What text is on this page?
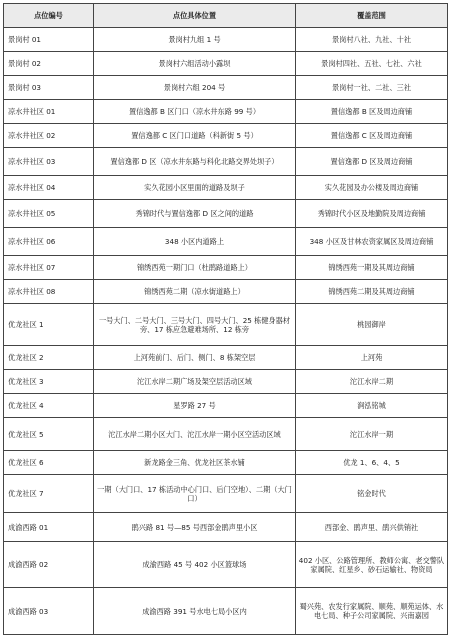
点位编号	点位具体位置	覆盖范围
景岗村 01	景岗村九组 1 号	景岗村八社、九社、十社
景岗村 02	景岗村六组活动小露坝	景岗村四社、五社、七社、六社
景岗村 03	景岗村六组 204 号	景岗村一社、二社、三社
凉水井社区 01	置信逸都 B 区门口（凉水井东路 99 号）	置信逸都 B 区及周边商铺
凉水井社区 02	置信逸都 C 区门口道路（科新街 5 号）	置信逸都 C 区及周边商铺
凉水井社区 03	置信逸都 D 区（凉水井东路与科化北路交界处坝子）	置信逸都 D 区及周边商铺
凉水井社区 04	实久花园小区里面的道路及坝子	实久花园及办公楼及周边商铺
凉水井社区 05	秀锦时代与置信逸都 D 区之间的道路	秀锦时代小区及地勤院及周边商铺
凉水井社区 06	348 小区内道路上	348 小区及甘林农资家属区及周边商铺
凉水井社区 07	锦绣西苑一期门口（杜鹃路道路上）	锦绣西苑一期及其周边商铺
凉水井社区 08	锦绣西苑二期（凉水街道路上）	锦绣西苑二期及其周边商铺
优龙社区 1	一号大门、二号大门、三号大门、四号大门、25 栋健身器材旁、17 栋应急避难场所、12 栋旁	桃园御岸
优龙社区 2	上河苑前门、后门、侧门、8 栋架空层	上河苑
优龙社区 3	沱江水岸二期广场及架空层活动区域	沱江水岸二期
优龙社区 4	星罗路 27 号	涧泓铭城
优龙社区 5	沱江水岸二期小区大门、沱江水岸一期小区空活动区域	沱江水岸一期
优龙社区 6	新龙路金三角、优龙社区茶水铺	优龙 1、6、4、5
优龙社区 7	一期（大门口、17 栋活动中心门口、后门空地）、二期（大门口）	铭金时代
成渝西路 01	鹃兴路 81 号—85 号西部金鹃声里小区	西部金、鹃声里、鹃兴供销社
成渝西路 02	成渝西路 45 号 402 小区篮球场	402 小区、公路管理所、教师公寓、老交警队家属院、红星乡、砂石运输社、物资局
成渝西路 03	成渝西路 391 号水电七局小区内	蜀兴苑、农发行家属院、顺苑、顺苑运体、水电七局、种子公司家属院、兴南嘉园
